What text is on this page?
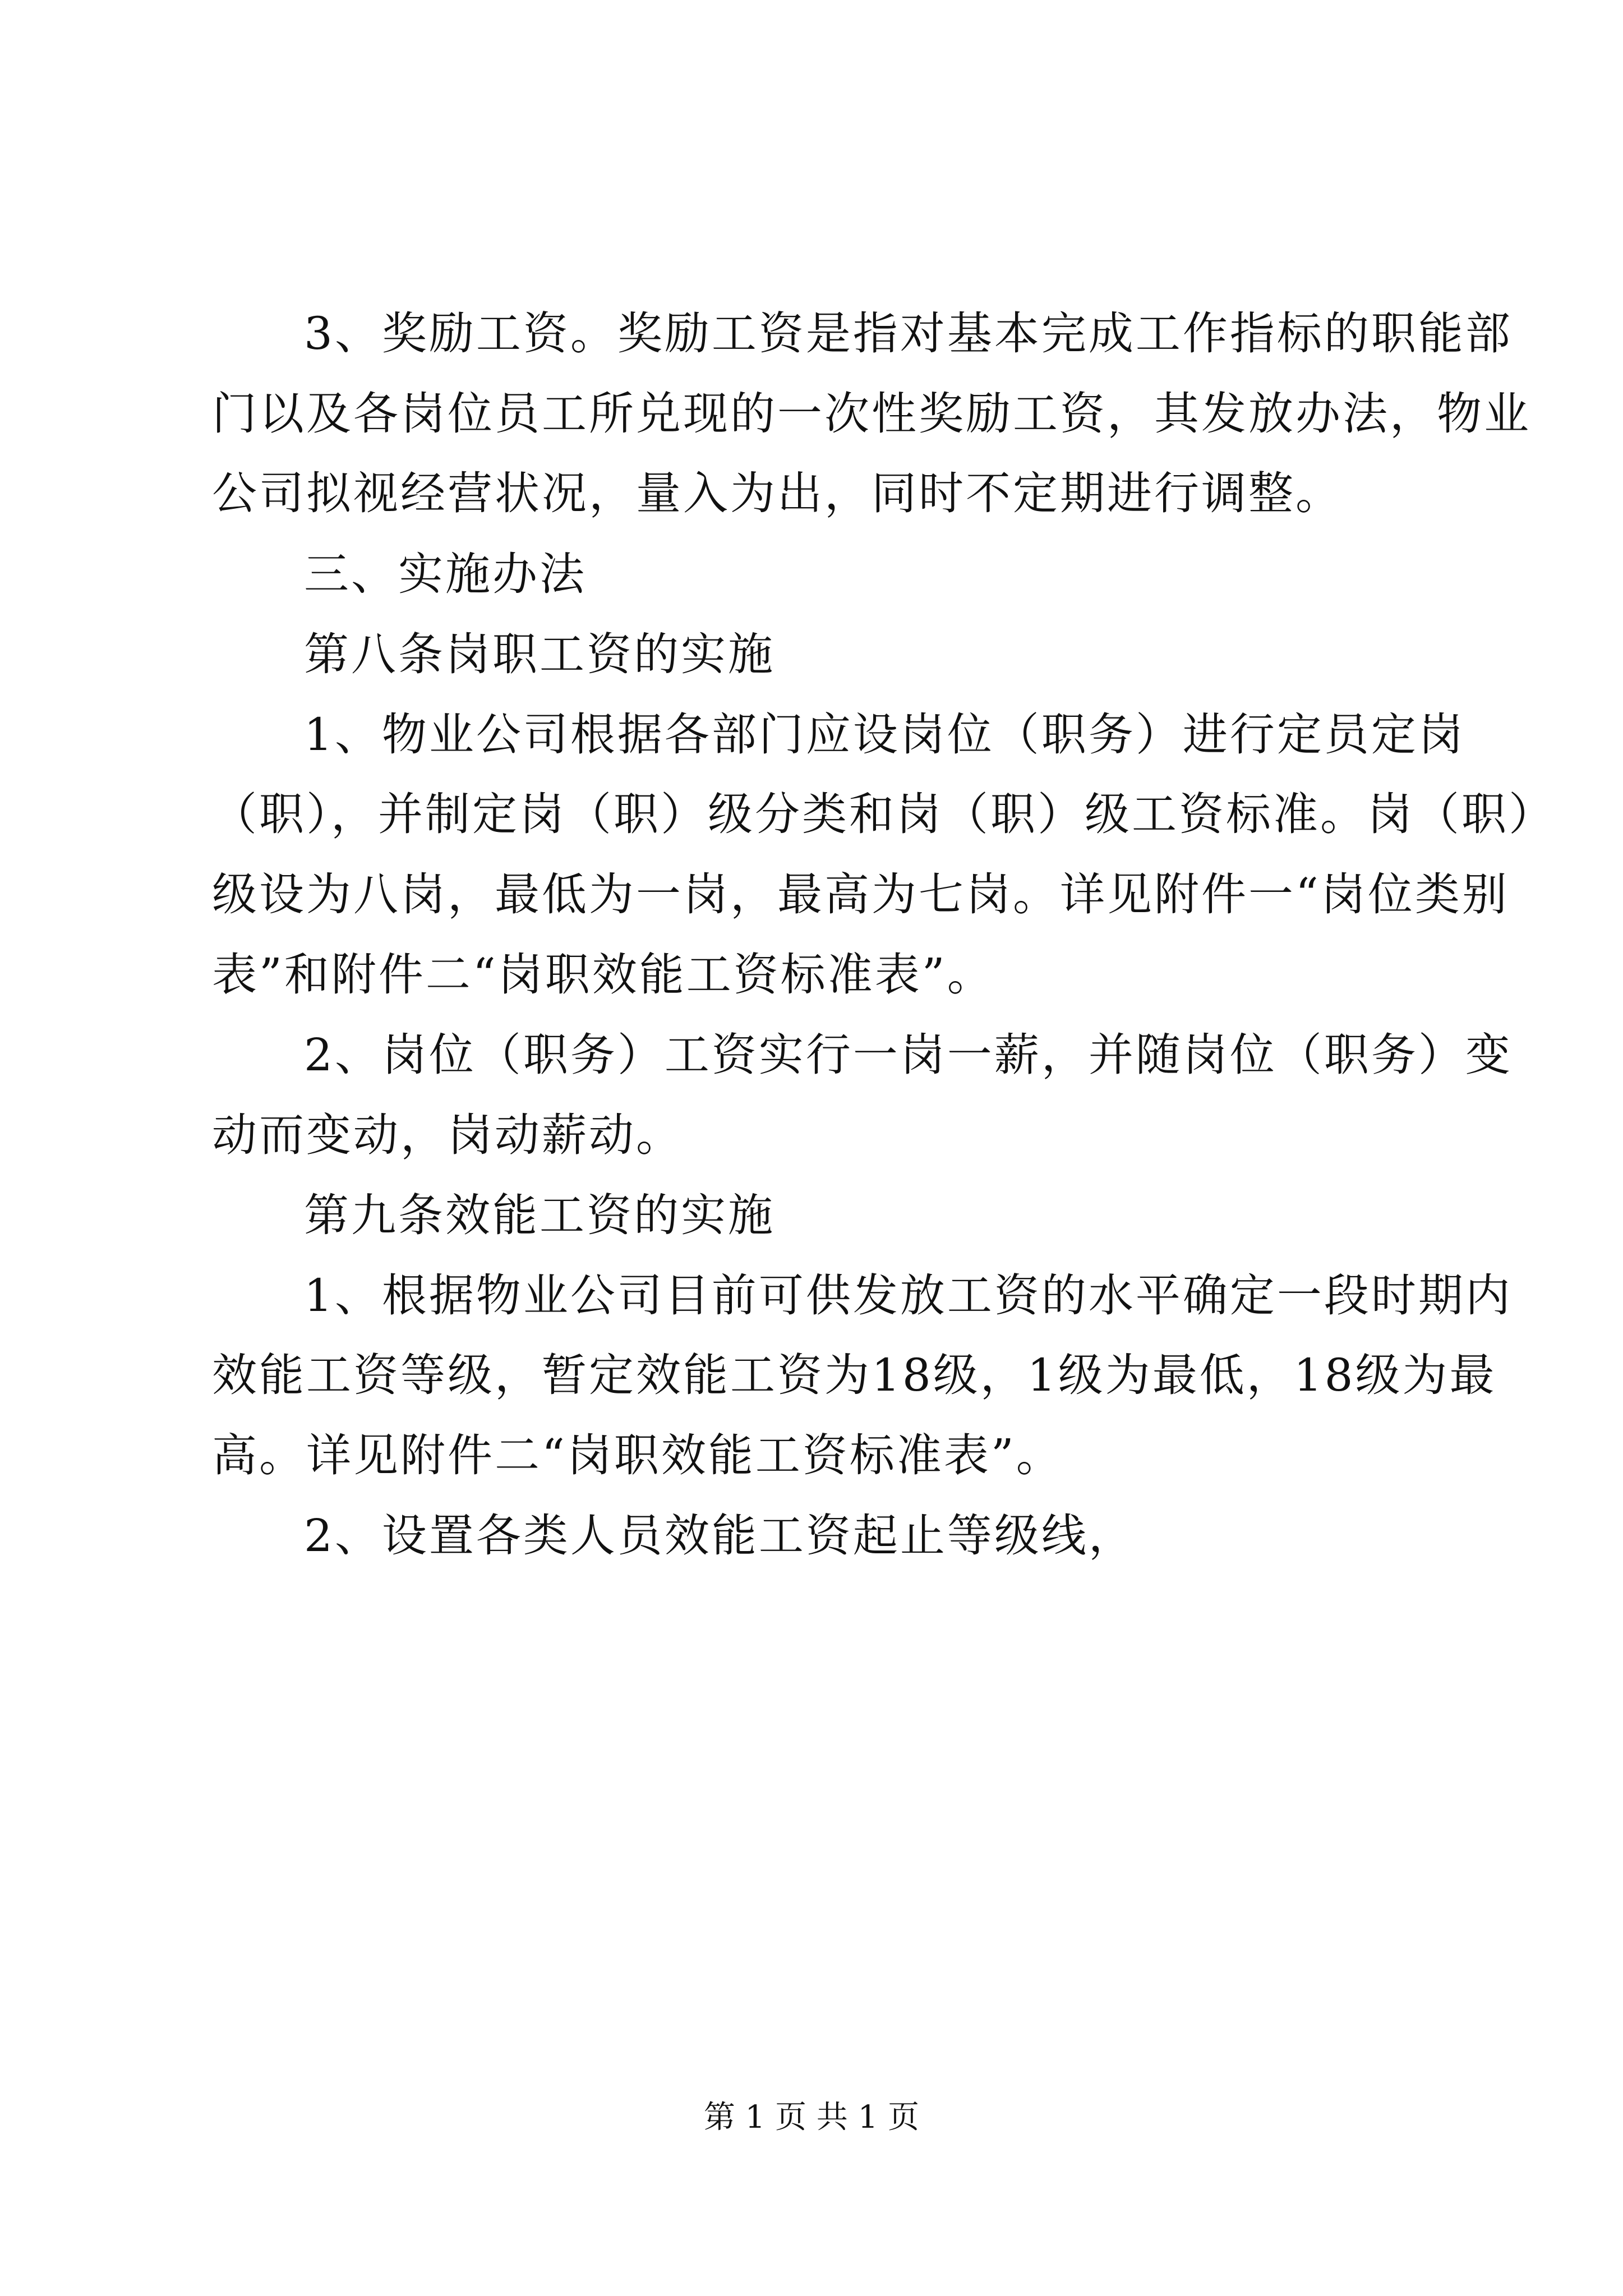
3、奖励工资。奖励工资是指对基本完成工作指标的职能部
门以及各岗位员工所兑现的一次性奖励工资，其发放办法，物业
公司拟视经营状况，量入为出，同时不定期进行调整。
三、实施办法
第八条岗职工资的实施
1、物业公司根据各部门应设岗位（职务）进行定员定岗
（职），并制定岗（职）级分类和岗（职）级工资标准。岗（职）
级设为八岗，最低为一岗，最高为七岗。详见附件一“岗位类别
表”和附件二“岗职效能工资标准表”。
2、岗位（职务）工资实行一岗一薪，并随岗位（职务）变
动而变动，岗动薪动。
第九条效能工资的实施
1、根据物业公司目前可供发放工资的水平确定一段时期内
效能工资等级，暂定效能工资为18级，1级为最低，18级为最
高。详见附件二“岗职效能工资标准表”。
2、设置各类人员效能工资起止等级线，
第 1 页 共 1 页
